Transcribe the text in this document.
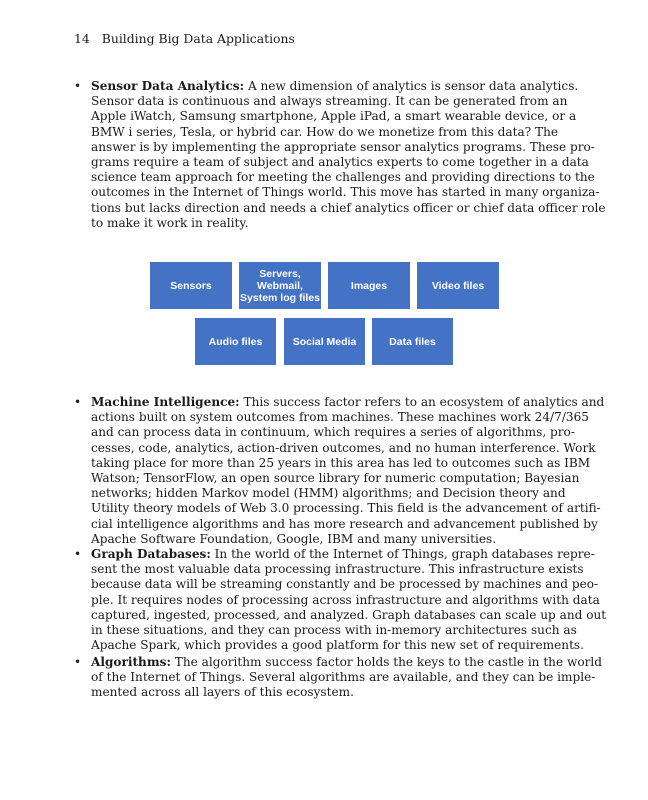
14 Building Big Data Applications
• Sensor Data Analytics: A new dimension of analytics is sensor data analytics.
Sensor data is continuous and always streaming. It can be generated from an
Apple iWatch, Samsung smartphone, Apple iPad, a smart wearable device, or a
BMW i series, Tesla, or hybrid car. How do we monetize from this data? The
answer is by implementing the appropriate sensor analytics programs. These pro-
grams require a team of subject and analytics experts to come together in a data
science team approach for meeting the challenges and providing directions to the
outcomes in the Internet of Things world. This move has started in many organiza-
tions but lacks direction and needs a chief analytics officer or chief data officer role
to make it work in reality.
Sensors
Servers,
Webmail,
System log files
Images	Video files
Audio files	Social Media	Data files
• Machine Intelligence: This success factor refers to an ecosystem of analytics and
actions built on system outcomes from machines. These machines work 24/7/365
and can process data in continuum, which requires a series of algorithms, pro-
cesses, code, analytics, action-driven outcomes, and no human interference. Work
taking place for more than 25 years in this area has led to outcomes such as IBM
Watson; TensorFlow, an open source library for numeric computation; Bayesian
networks; hidden Markov model (HMM) algorithms; and Decision theory and
Utility theory models of Web 3.0 processing. This field is the advancement of artifi-
cial intelligence algorithms and has more research and advancement published by
Apache Software Foundation, Google, IBM and many universities.
• Graph Databases: In the world of the Internet of Things, graph databases repre-
sent the most valuable data processing infrastructure. This infrastructure exists
because data will be streaming constantly and be processed by machines and peo-
ple. It requires nodes of processing across infrastructure and algorithms with data
captured, ingested, processed, and analyzed. Graph databases can scale up and out
in these situations, and they can process with in-memory architectures such as
Apache Spark, which provides a good platform for this new set of requirements.
• Algorithms: The algorithm success factor holds the keys to the castle in the world
of the Internet of Things. Several algorithms are available, and they can be imple-
mented across all layers of this ecosystem.
